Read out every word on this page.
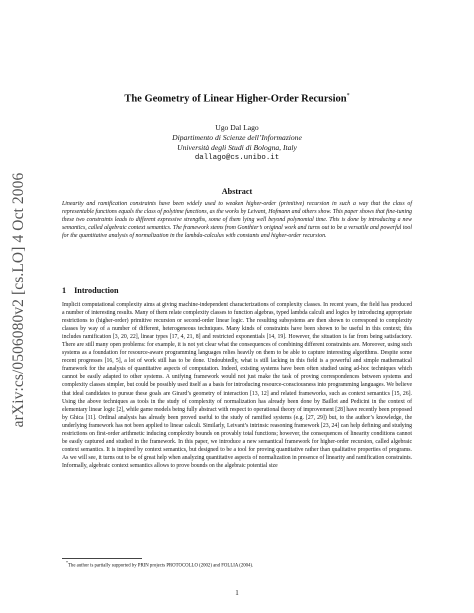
arXiv:cs/0506080v2 [cs.LO] 4 Oct 2006
The Geometry of Linear Higher-Order Recursion*
Ugo Dal Lago
Dipartimento di Scienze dell’Informazione
Università degli Studi di Bologna, Italy
dallago@cs.unibo.it
Abstract

Linearity and ramification constraints have been widely used to weaken higher-order (primitive) recursion in such a way that the class of representable functions equals the class of polytime functions, as the works by Leivant, Hofmann and others show. This paper shows that fine-tuning these two constraints leads to different expressive strengths, some of them lying well beyond polynomial time. This is done by introducing a new semantics, called algebraic context semantics. The framework stems from Gonthier’s original work and turns out to be a versatile and powerful tool for the quantitative analysis of normalization in the lambda-calculus with constants and higher-order recursion.

1 Introduction

Implicit computational complexity aims at giving machine-independent characterizations of complexity classes. In recent years, the field has produced a number of interesting results. Many of them relate complexity classes to function algebras, typed lambda calculi and logics by introducing appropriate restrictions to (higher-order) primitive recursion or second-order linear logic. The resulting subsystems are then shown to correspond to complexity classes by way of a number of different, heterogeneous techniques. Many kinds of constraints have been shown to be useful in this context; this includes ramification [3, 20, 22], linear types [17, 4, 21, 8] and restricted exponentials [14, 19]. However, the situation is far from being satisfactory. There are still many open problems: for example, it is not yet clear what the consequences of combining different constraints are. Moreover, using such systems as a foundation for resource-aware programming languages relies heavily on them to be able to capture interesting algorithms. Despite some recent progresses [16, 5], a lot of work still has to be done. Undoubtedly, what is still lacking in this field is a powerful and simple mathematical framework for the analysis of quantitative aspects of computation. Indeed, existing systems have been often studied using ad-hoc techniques which cannot be easily adapted to other systems. A unifying framework would not just make the task of proving correspondences between systems and complexity classes simpler, but could be possibly used itself as a basis for introducing resource-consciousness into programming languages. We believe that ideal candidates to pursue these goals are Girard’s geometry of interaction [13, 12] and related frameworks, such as context semantics [15, 26]. Using the above techniques as tools in the study of complexity of normalization has already been done by Baillot and Pedicini in the context of elementary linear logic [2], while game models being fully abstract with respect to operational theory of improvement [28] have recently been proposed by Ghica [11]. Ordinal analysis has already been proved useful to the study of ramified systems (e.g. [27, 29]) but, to the author’s knowledge, the underlying framework has not been applied to linear calculi. Similarly, Leivant’s intrinsic reasoning framework [23, 24] can help defining and studying restrictions on first-order arithmetic inducing complexity bounds on provably total functions; however, the consequences of linearity conditions cannot be easily captured and studied in the framework. In this paper, we introduce a new semantical framework for higher-order recursion, called algebraic context semantics. It is inspired by context semantics, but designed to be a tool for proving quantitative rather than qualitative properties of programs. As we will see, it turns out to be of great help when analyzing quantitative aspects of normalization in presence of linearity and ramification constraints. Informally, algebraic context semantics allows to prove bounds on the algebraic potential size

*The author is partially supported by PRIN projects PROTOCOLLO (2002) and FOLLIA (2004).

1
